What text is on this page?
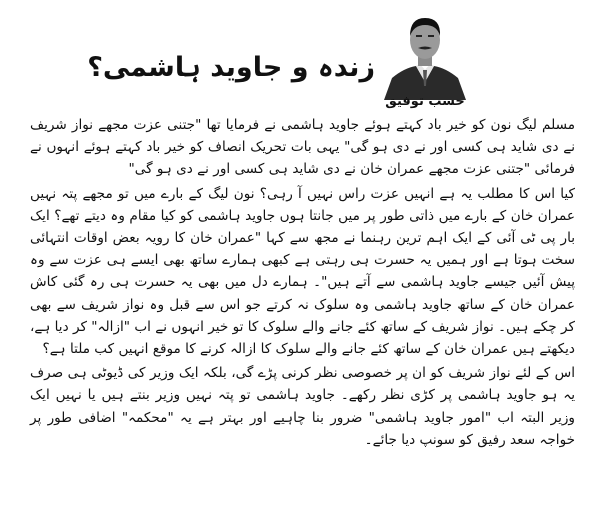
زندہ و جاوید ہاشمی؟
حسب توفیق

مسلم لیگ نون کو خیر باد کہتے ہوئے جاوید ہاشمی نے فرمایا تھا "جتنی عزت مجھے نواز شریف نے دی شاید ہی کسی اور نے دی ہو گی" یہی بات تحریک انصاف کو خیر باد کہتے ہوئے انہوں نے فرمائی "جتنی عزت مجھے عمران خان نے دی شاید ہی کسی اور نے دی ہو گی"

کیا اس کا مطلب یہ ہے انہیں عزت راس نہیں آ رہی؟ نون لیگ کے بارے میں تو مجھے پتہ نہیں عمران خان کے بارے میں ذاتی طور پر میں جانتا ہوں جاوید ہاشمی کو کیا مقام وہ دیتے تھے؟ ایک بار پی ٹی آئی کے ایک اہم ترین رہنما نے مجھ سے کہا "عمران خان کا رویہ بعض اوقات انتہائی سخت ہوتا ہے اور ہمیں یہ حسرت ہی رہتی ہے کبھی ہمارے ساتھ بھی ایسے ہی عزت سے وہ پیش آئیں جیسے جاوید ہاشمی سے آتے ہیں"۔ ہمارے دل میں بھی یہ حسرت ہی رہ گئی کاش عمران خان کے ساتھ جاوید ہاشمی وہ سلوک نہ کرتے جو اس سے قبل وہ نواز شریف سے بھی کر چکے ہیں۔ نواز شریف کے ساتھ کئے جانے والے سلوک کا تو خیر انہوں نے اب "ازالہ" کر دیا ہے، دیکھتے ہیں عمران خان کے ساتھ کئے جانے والے سلوک کا ازالہ کرنے کا موقع انہیں کب ملتا ہے؟

اس کے لئے نواز شریف کو ان پر خصوصی نظر کرنی پڑے گی، بلکہ ایک وزیر کی ڈیوٹی ہی صرف یہ ہو جاوید ہاشمی پر کڑی نظر رکھے۔ جاوید ہاشمی تو پتہ نہیں وزیر بنتے ہیں یا نہیں ایک وزیر البتہ اب "امور جاوید ہاشمی" ضرور بنا چاہیے اور بہتر ہے یہ "محکمہ" اضافی طور پر خواجہ سعد رفیق کو سونپ دیا جائے۔
